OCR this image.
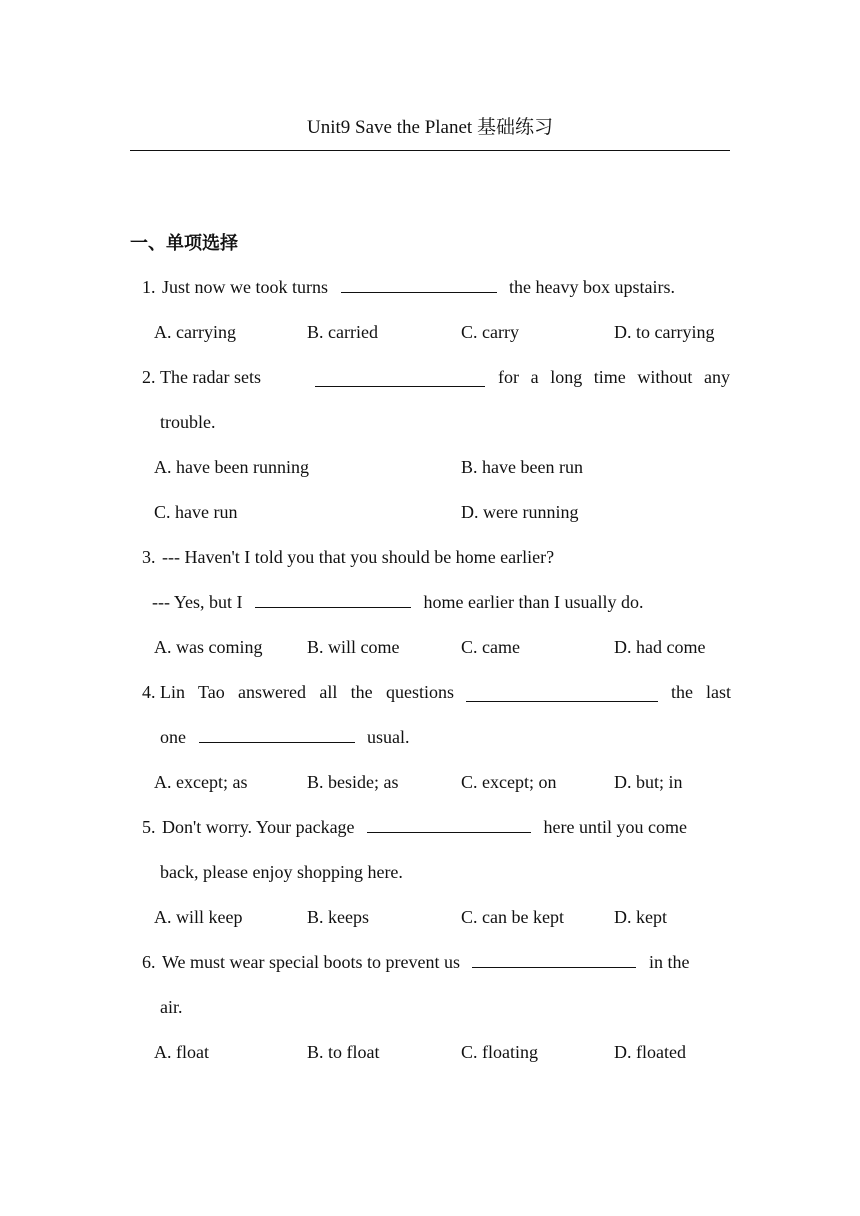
Unit9 Save the Planet 基础练习
一、单项选择
1. Just now we took turns	the heavy box upstairs.
A. carrying	B. carried	C. carry	D. to carrying
2. The radar sets	for a long time without any
trouble.
A. have been running	B. have been run
C. have run	D. were running
3. --- Haven't I told you that you should be home earlier?
--- Yes, but I	home earlier than I usually do.
A. was coming B. will come	C. came	D. had come
4. Lin Tao answered all the questions	the last
one	usual.
A. except; as	B. beside; as	C. except; on	D. but; in
5. Don't worry. Your package	here until you come
back, please enjoy shopping here.
A. will keep	B. keeps	C. can be kept	D. kept
6. We must wear special boots to prevent us	in the
air.
A. float	B. to float	C. floating	D. floated
